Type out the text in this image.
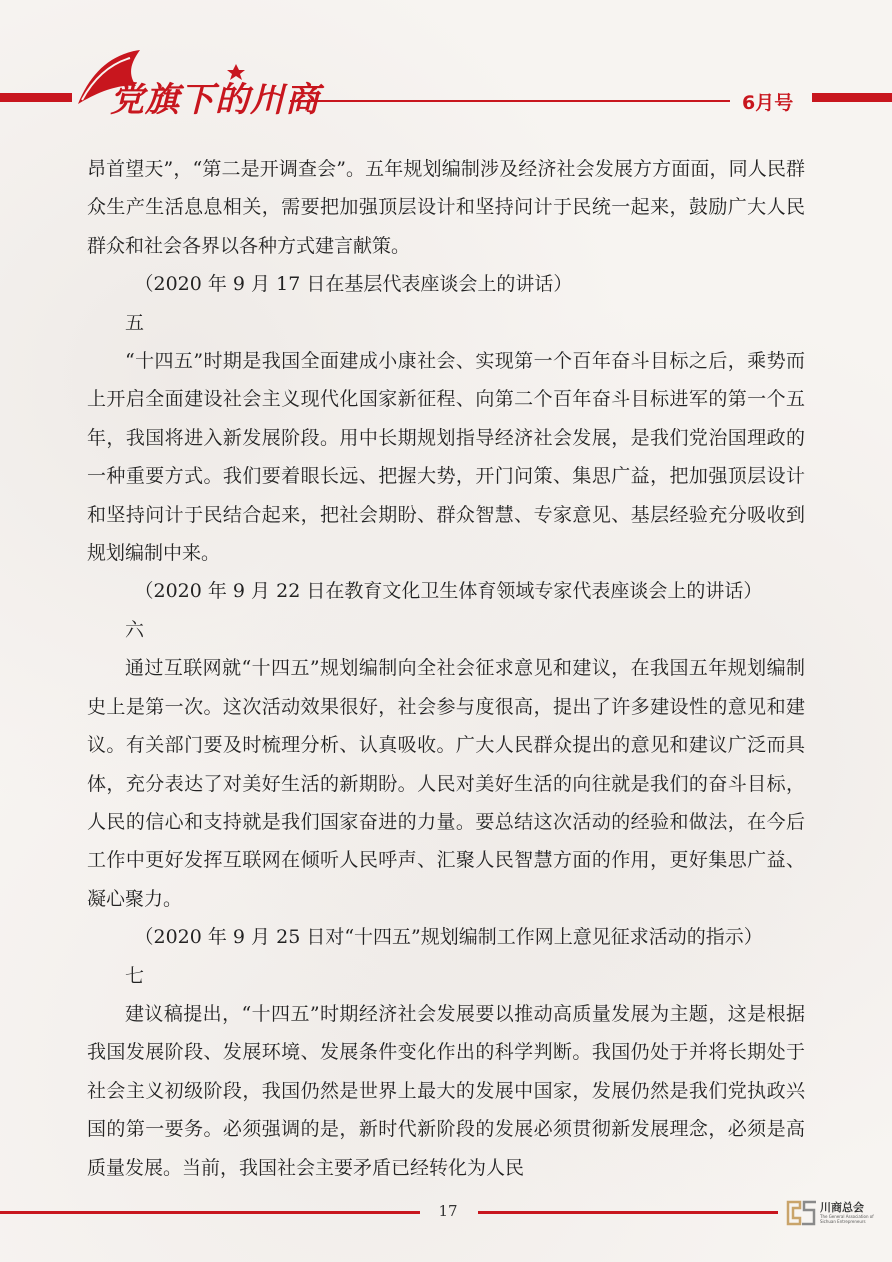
党旗下的川商	6月号

昂首望天”，“第二是开调查会”。五年规划编制涉及经济社会发展方方面面，同人民群众生产生活息息相关，需要把加强顶层设计和坚持问计于民统一起来，鼓励广大人民群众和社会各界以各种方式建言献策。

（2020 年 9 月 17 日在基层代表座谈会上的讲话）

五

“十四五”时期是我国全面建成小康社会、实现第一个百年奋斗目标之后，乘势而上开启全面建设社会主义现代化国家新征程、向第二个百年奋斗目标进军的第一个五年，我国将进入新发展阶段。用中长期规划指导经济社会发展，是我们党治国理政的一种重要方式。我们要着眼长远、把握大势，开门问策、集思广益，把加强顶层设计和坚持问计于民结合起来，把社会期盼、群众智慧、专家意见、基层经验充分吸收到规划编制中来。

（2020 年 9 月 22 日在教育文化卫生体育领域专家代表座谈会上的讲话）

六

通过互联网就“十四五”规划编制向全社会征求意见和建议，在我国五年规划编制史上是第一次。这次活动效果很好，社会参与度很高，提出了许多建设性的意见和建议。有关部门要及时梳理分析、认真吸收。广大人民群众提出的意见和建议广泛而具体，充分表达了对美好生活的新期盼。人民对美好生活的向往就是我们的奋斗目标，人民的信心和支持就是我们国家奋进的力量。要总结这次活动的经验和做法，在今后工作中更好发挥互联网在倾听人民呼声、汇聚人民智慧方面的作用，更好集思广益、凝心聚力。

（2020 年 9 月 25 日对“十四五”规划编制工作网上意见征求活动的指示）

七

建议稿提出，“十四五”时期经济社会发展要以推动高质量发展为主题，这是根据我国发展阶段、发展环境、发展条件变化作出的科学判断。我国仍处于并将长期处于社会主义初级阶段，我国仍然是世界上最大的发展中国家，发展仍然是我们党执政兴国的第一要务。必须强调的是，新时代新阶段的发展必须贯彻新发展理念，必须是高质量发展。当前，我国社会主要矛盾已经转化为人民

17	川商总会
The General Association of Sichuan Entrepreneurs
